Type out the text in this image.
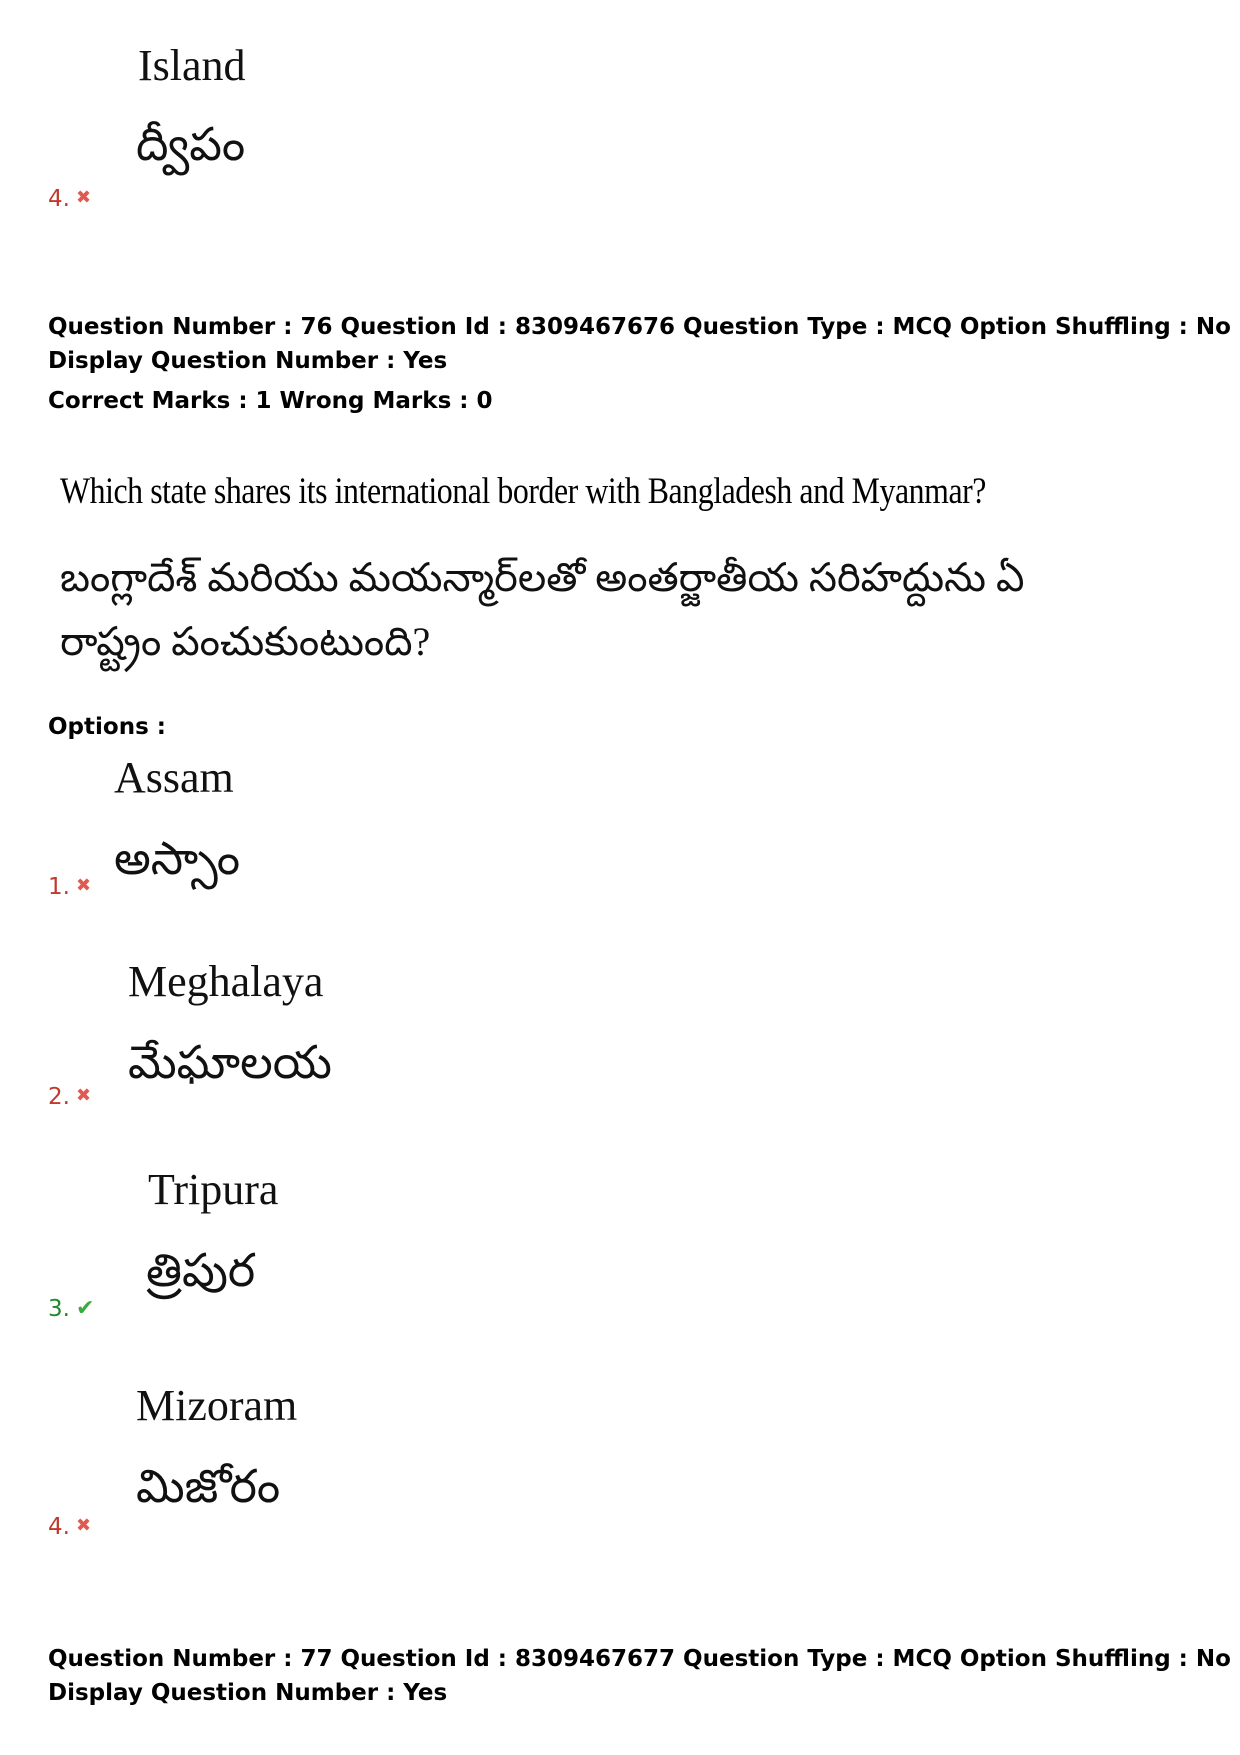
Island
ద్వీపం
4. ✖
Question Number : 76 Question Id : 8309467676 Question Type : MCQ Option Shuffling : No
Display Question Number : Yes
Correct Marks : 1 Wrong Marks : 0
Which state shares its international border with Bangladesh and Myanmar?
బంగ్లాదేశ్ మరియు మయన్మార్‌లతో అంతర్జాతీయ సరిహద్దును ఏ
రాష్ట్రం పంచుకుంటుంది?
Options :
Assam
అస్సాం
1. ✖
Meghalaya
మేఘాలయ
2. ✖
Tripura
త్రిపుర
3. ✔
Mizoram
మిజోరం
4. ✖
Question Number : 77 Question Id : 8309467677 Question Type : MCQ Option Shuffling : No
Display Question Number : Yes
